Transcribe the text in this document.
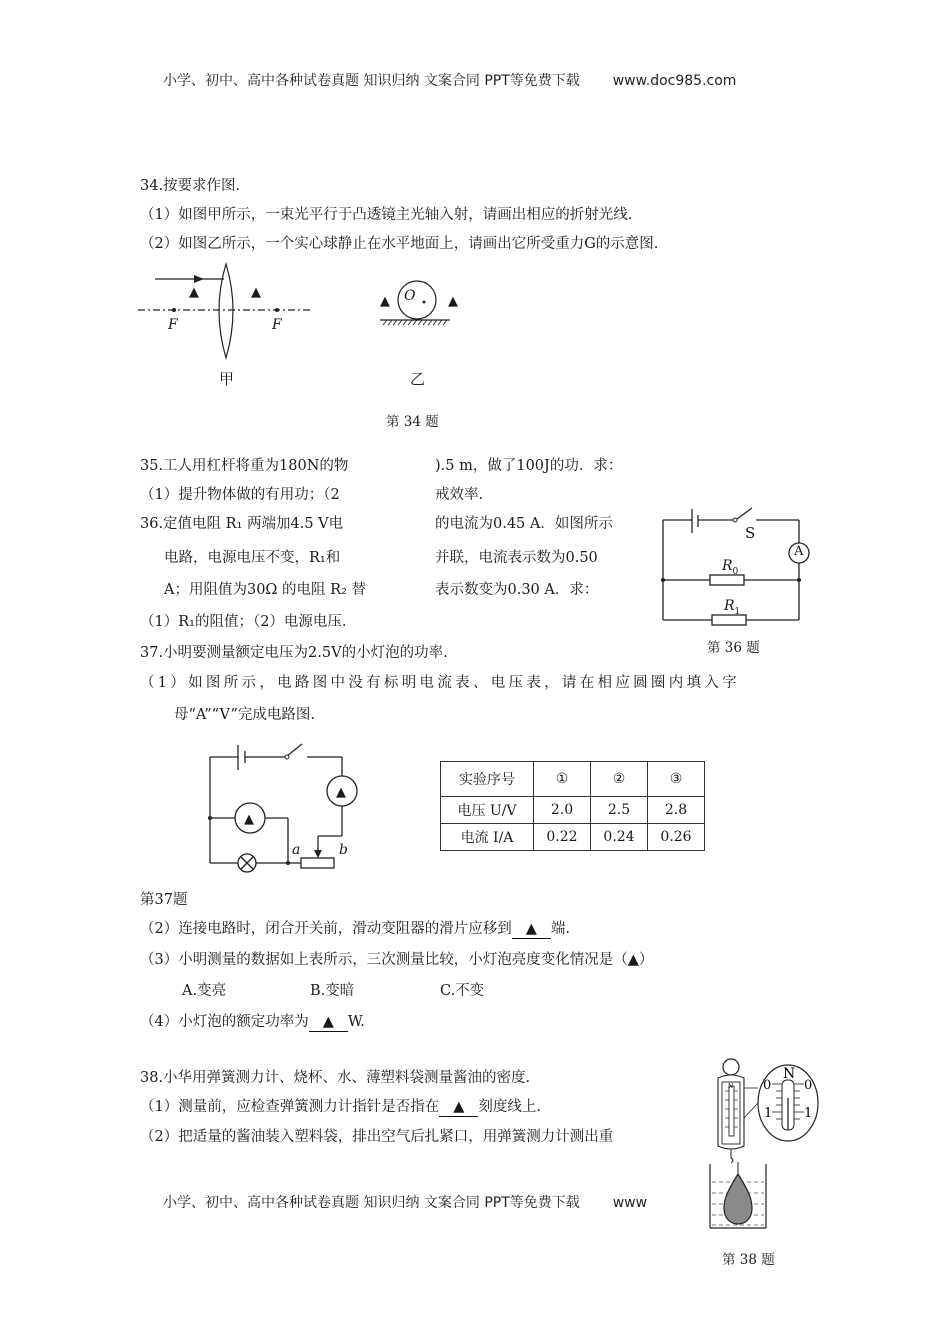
小学、初中、高中各种试卷真题 知识归纳 文案合同 PPT等免费下载 www.doc985.com
34.按要求作图.
（1）如图甲所示，一束光平行于凸透镜主光轴入射，请画出相应的折射光线.
（2）如图乙所示，一个实心球静止在水平地面上，请画出它所受重力G的示意图.
▲	▲
F	F
甲
O
▲	▲
乙
第 34 题
35.工人用杠杆将重为180N的物	).5 m，做了100J的功．求：
（1）提升物体做的有用功；（2	戒效率.
36.定值电阻 R₁ 两端加4.5 V电	的电流为0.45 A．如图所示
电路，电源电压不变，R₁和	并联，电流表示数为0.50
A；用阻值为30Ω 的电阻 R₂ 替	表示数变为0.30 A．求：
（1）R₁的阻值；（2）电源电压.
S
A
$R_0$
$R_1$
第 36 题
37.小明要测量额定电压为2.5V的小灯泡的功率.
（1）如图所示，电路图中没有标明电流表、电压表，请在相应圆圈内填入字
母“A”“V”完成电路图.
▲
▲
a	b
实验序号	①	②	③
电压 U/V	2.0	2.5	2.8
电流 I/A	0.22	0.24	0.26
第37题
（2）连接电路时，闭合开关前，滑动变阻器的滑片应移到 ▲ 端.
（3）小明测量的数据如上表所示，三次测量比较，小灯泡亮度变化情况是（▲）
A.变亮	B.变暗	C.不变
（4）小灯泡的额定功率为 ▲ W.
38.小华用弹簧测力计、烧杯、水、薄塑料袋测量酱油的密度.
（1）测量前，应检查弹簧测力计指针是否指在 ▲ 刻度线上.
（2）把适量的酱油装入塑料袋，排出空气后扎紧口，用弹簧测力计测出重
小学、初中、高中各种试卷真题 知识归纳 文案合同 PPT等免费下载 www
N
N
0	0
1 1
第 38 题
